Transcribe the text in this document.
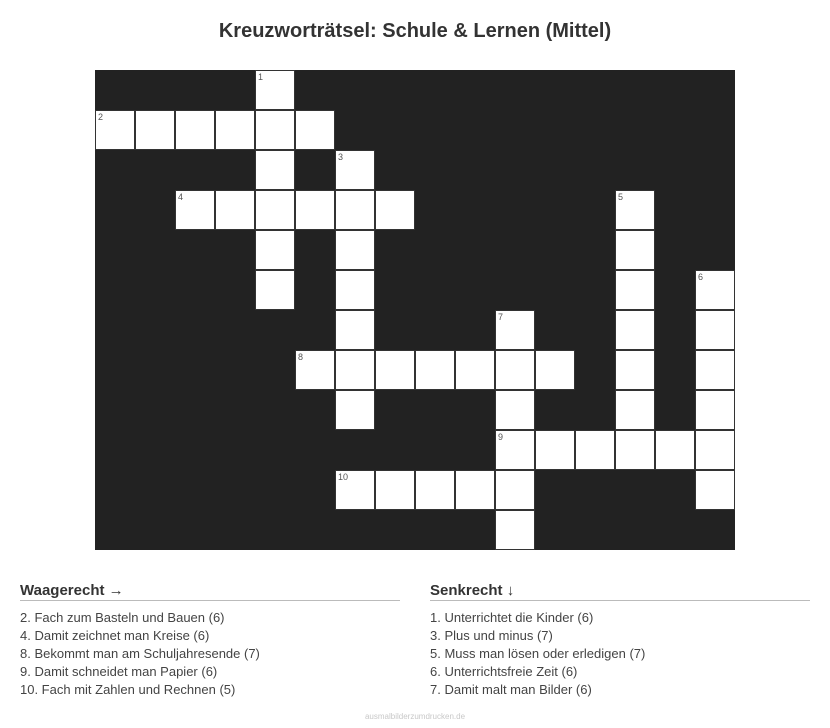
Kreuzworträtsel: Schule & Lernen (Mittel)
2
1
3
4	5
6
7
8
9
10
Waagerecht →
2. Fach zum Basteln und Bauen (6)
4. Damit zeichnet man Kreise (6)
8. Bekommt man am Schuljahresende (7)
9. Damit schneidet man Papier (6)
10. Fach mit Zahlen und Rechnen (5)
Senkrecht ↓
1. Unterrichtet die Kinder (6)
3. Plus und minus (7)
5. Muss man lösen oder erledigen (7)
6. Unterrichtsfreie Zeit (6)
7. Damit malt man Bilder (6)
ausmalbilderzumdrucken.de
